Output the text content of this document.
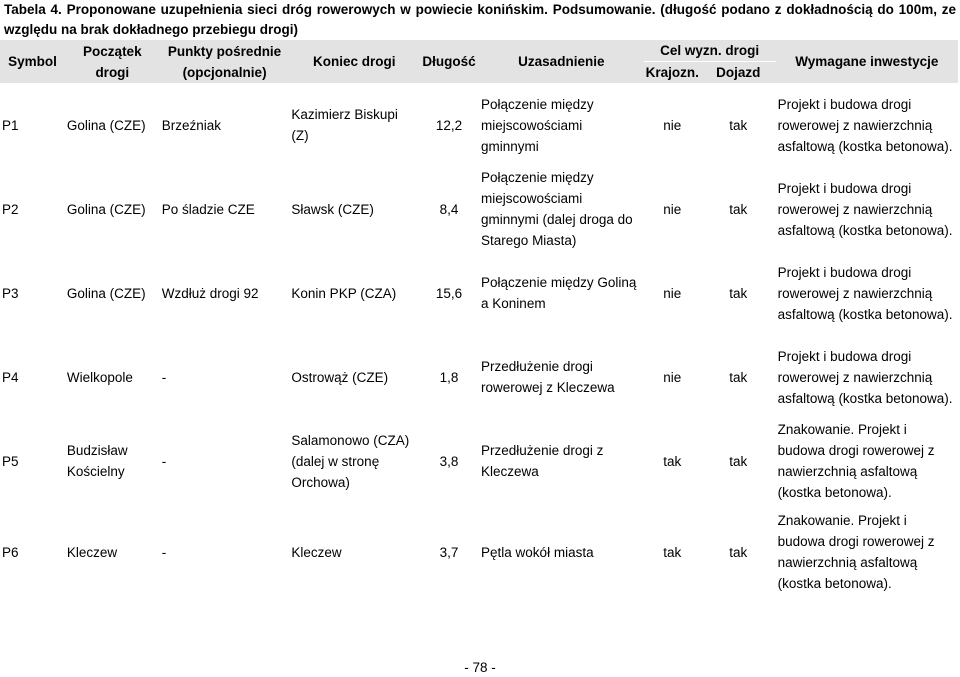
Tabela 4. Proponowane uzupełnienia sieci dróg rowerowych w powiecie konińskim. Podsumowanie. (długość podano z dokładnością do 100m, ze względu na brak dokładnego przebiegu drogi)
Symbol	Początek drogi	Punkty pośrednie (opcjonalnie)	Koniec drogi	Długość	Uzasadnienie	Cel wyzn. drogi		Wymagane inwestycje
						Krajozn.	Dojazd	
P1	Golina (CZE)	Brzeźniak	Kazimierz Biskupi (Z)	12,2	Połączenie między miejscowościami gminnymi	nie	tak	Projekt i budowa drogi rowerowej z nawierzchnią asfaltową (kostka betonowa).
P2	Golina (CZE)	Po śladzie CZE	Sławsk (CZE)	8,4	Połączenie między miejscowościami gminnymi (dalej droga do Starego Miasta)	nie	tak	Projekt i budowa drogi rowerowej z nawierzchnią asfaltową (kostka betonowa).
P3	Golina (CZE)	Wzdłuż drogi 92	Konin PKP (CZA)	15,6	Połączenie między Goliną a Koninem	nie	tak	Projekt i budowa drogi rowerowej z nawierzchnią asfaltową (kostka betonowa).
P4	Wielkopole	-	Ostrowąż (CZE)	1,8	Przedłużenie drogi rowerowej z Kleczewa	nie	tak	Projekt i budowa drogi rowerowej z nawierzchnią asfaltową (kostka betonowa).
P5	Budzisław Kościelny	-	Salamonowo (CZA)(dalej w stronę Orchowa)	3,8	Przedłużenie drogi z Kleczewa	tak	tak	Znakowanie. Projekt i budowa drogi rowerowej z nawierzchnią asfaltową (kostka betonowa).
P6	Kleczew	-	Kleczew	3,7	Pętla wokół miasta	tak	tak	Znakowanie. Projekt i budowa drogi rowerowej z nawierzchnią asfaltową (kostka betonowa).
- 78 -
